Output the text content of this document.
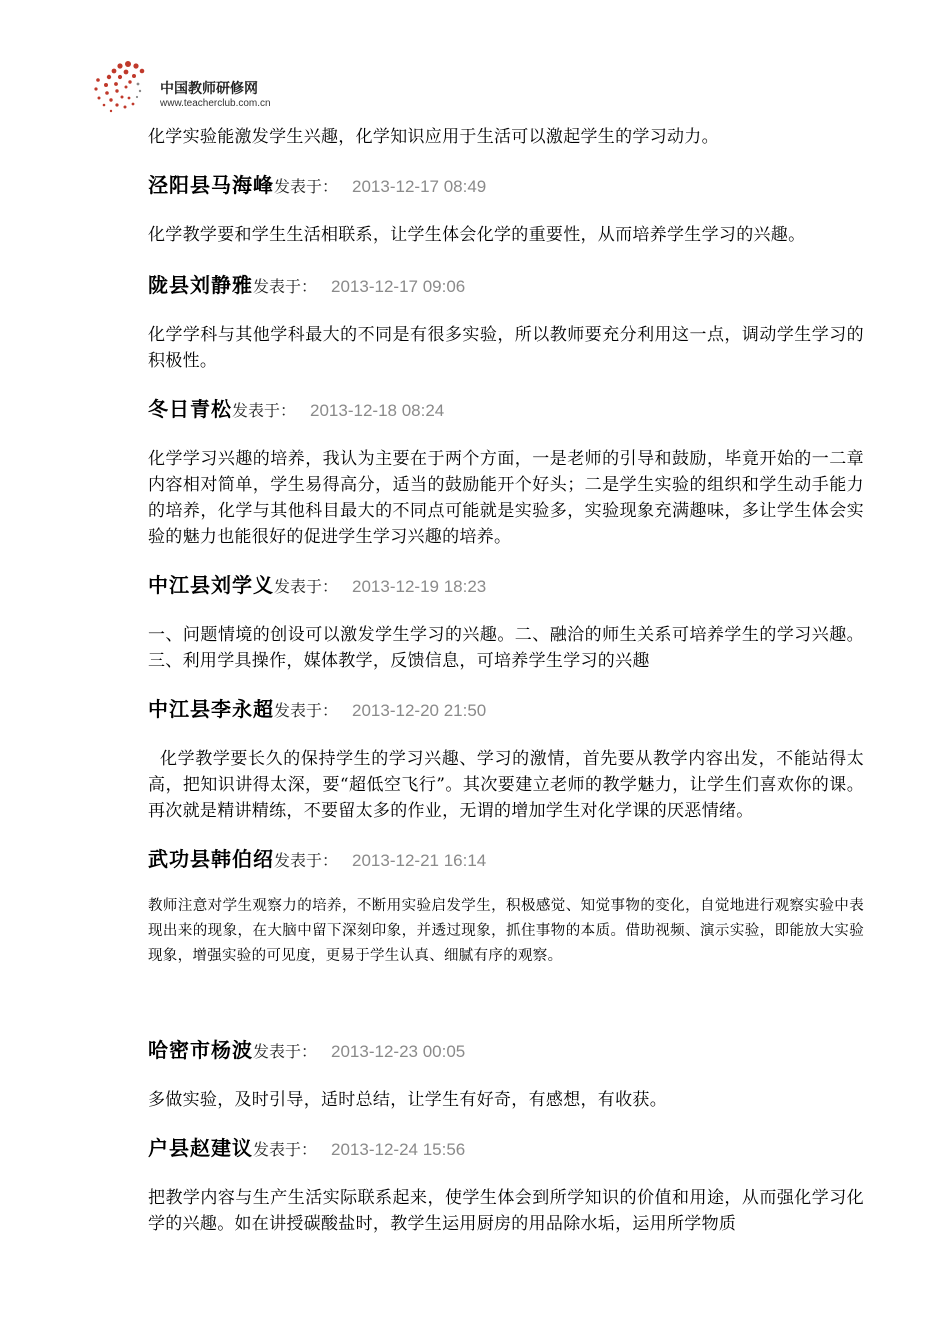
中国教师研修网
www.teacherclub.com.cn

化学实验能激发学生兴趣，化学知识应用于生活可以激起学生的学习动力。

泾阳县马海峰发表于： 2013-12-17 08:49

化学教学要和学生生活相联系，让学生体会化学的重要性，从而培养学生学习的兴趣。

陇县刘静雅发表于： 2013-12-17 09:06

化学学科与其他学科最大的不同是有很多实验，所以教师要充分利用这一点，调动学生学习的积极性。

冬日青松发表于： 2013-12-18 08:24

化学学习兴趣的培养，我认为主要在于两个方面，一是老师的引导和鼓励，毕竟开始的一二章内容相对简单，学生易得高分，适当的鼓励能开个好头；二是学生实验的组织和学生动手能力的培养，化学与其他科目最大的不同点可能就是实验多，实验现象充满趣味，多让学生体会实验的魅力也能很好的促进学生学习兴趣的培养。

中江县刘学义发表于： 2013-12-19 18:23

一、问题情境的创设可以激发学生学习的兴趣。二、融洽的师生关系可培养学生的学习兴趣。三、利用学具操作，媒体教学，反馈信息，可培养学生学习的兴趣

中江县李永超发表于： 2013-12-20 21:50

化学教学要长久的保持学生的学习兴趣、学习的激情，首先要从教学内容出发，不能站得太高，把知识讲得太深，要“超低空飞行”。其次要建立老师的教学魅力，让学生们喜欢你的课。再次就是精讲精练，不要留太多的作业，无谓的增加学生对化学课的厌恶情绪。

武功县韩伯绍发表于： 2013-12-21 16:14

教师注意对学生观察力的培养，不断用实验启发学生，积极感觉、知觉事物的变化，自觉地进行观察实验中表现出来的现象，在大脑中留下深刻印象，并透过现象，抓住事物的本质。借助视频、演示实验，即能放大实验现象，增强实验的可见度，更易于学生认真、细腻有序的观察。

哈密市杨波发表于： 2013-12-23 00:05

多做实验，及时引导，适时总结，让学生有好奇，有感想，有收获。

户县赵建议发表于： 2013-12-24 15:56

把教学内容与生产生活实际联系起来，使学生体会到所学知识的价值和用途，从而强化学习化学的兴趣。如在讲授碳酸盐时，教学生运用厨房的用品除水垢，运用所学物质
